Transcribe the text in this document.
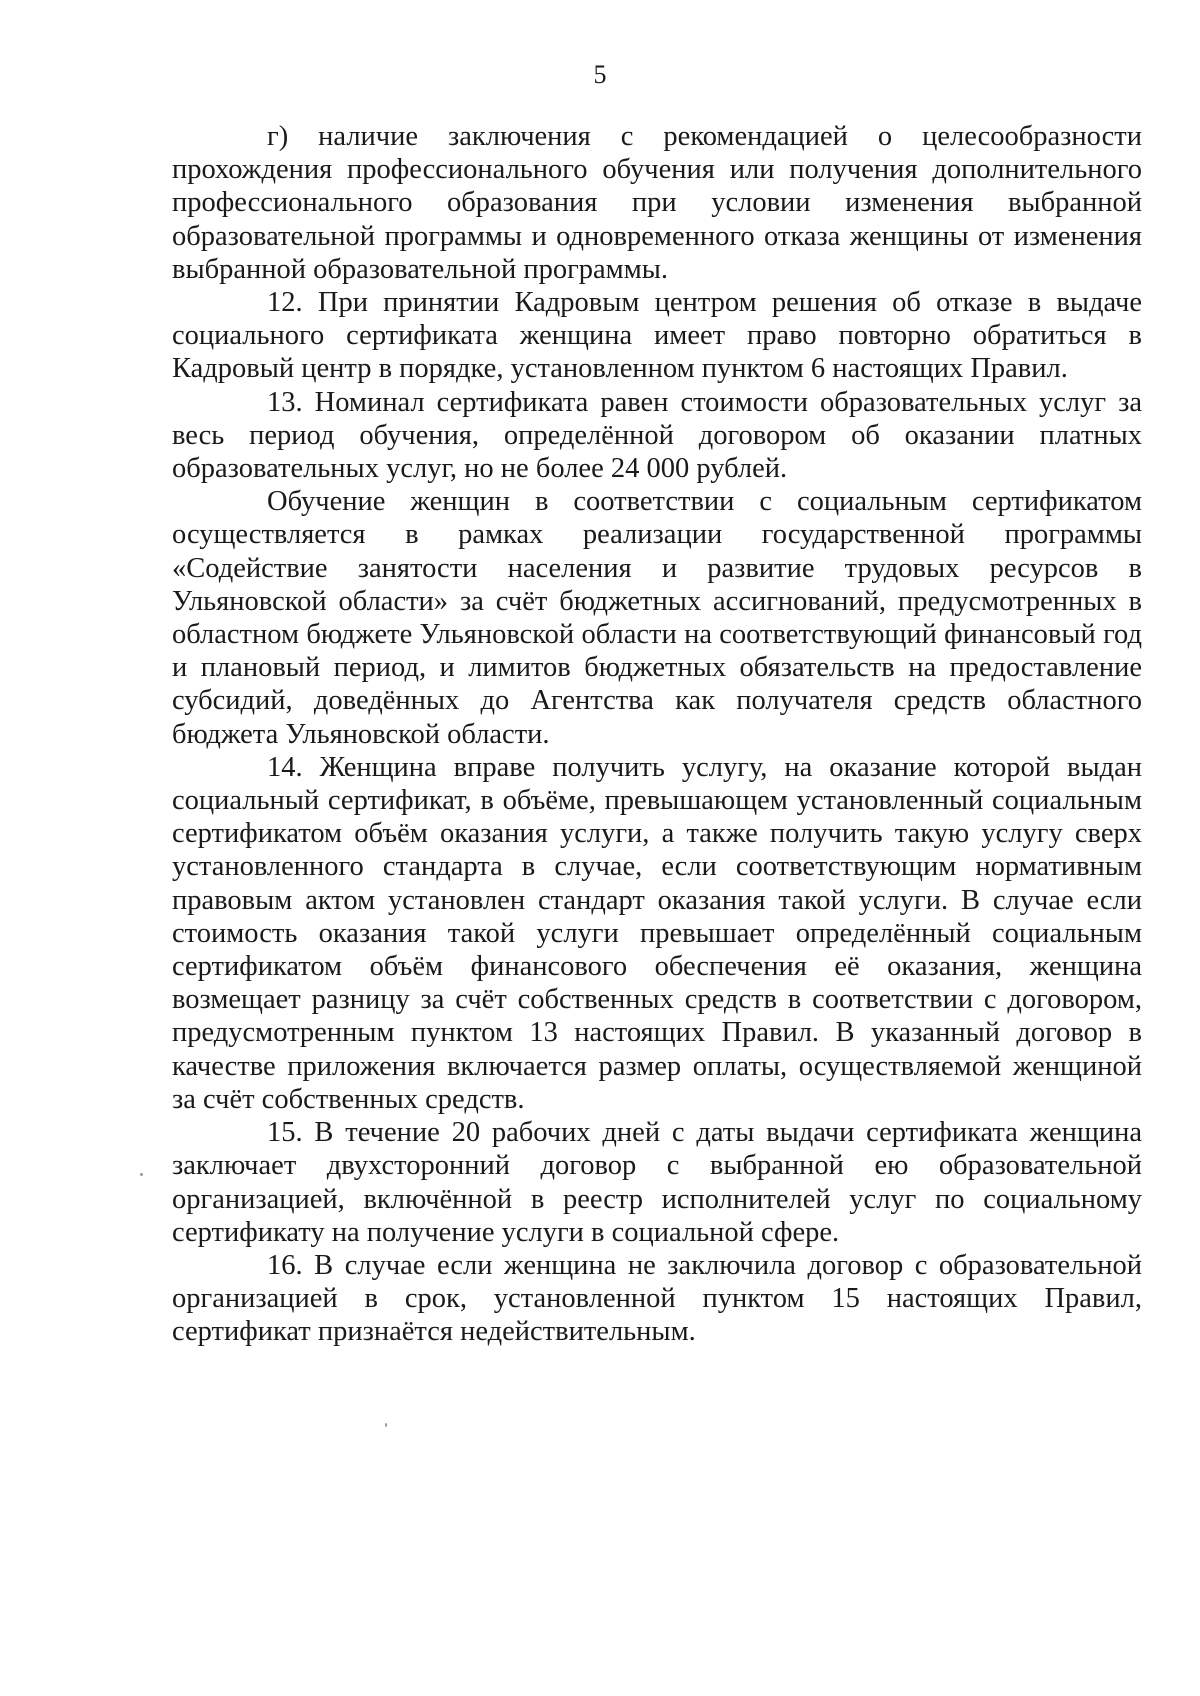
5

г) наличие заключения с рекомендацией о целесообразности прохождения профессионального обучения или получения дополнительного профессионального образования при условии изменения выбранной образовательной программы и одновременного отказа женщины от изменения выбранной образовательной программы.

12. При принятии Кадровым центром решения об отказе в выдаче социального сертификата женщина имеет право повторно обратиться в Кадровый центр в порядке, установленном пунктом 6 настоящих Правил.

13. Номинал сертификата равен стоимости образовательных услуг за весь период обучения, определённой договором об оказании платных образовательных услуг, но не более 24 000 рублей.

Обучение женщин в соответствии с социальным сертификатом осуществляется в рамках реализации государственной программы «Содействие занятости населения и развитие трудовых ресурсов в Ульяновской области» за счёт бюджетных ассигнований, предусмотренных в областном бюджете Ульяновской области на соответствующий финансовый год и плановый период, и лимитов бюджетных обязательств на предоставление субсидий, доведённых до Агентства как получателя средств областного бюджета Ульяновской области.

14. Женщина вправе получить услугу, на оказание которой выдан социальный сертификат, в объёме, превышающем установленный социальным сертификатом объём оказания услуги, а также получить такую услугу сверх установленного стандарта в случае, если соответствующим нормативным правовым актом установлен стандарт оказания такой услуги. В случае если стоимость оказания такой услуги превышает определённый социальным сертификатом объём финансового обеспечения её оказания, женщина возмещает разницу за счёт собственных средств в соответствии с договором, предусмотренным пунктом 13 настоящих Правил. В указанный договор в качестве приложения включается размер оплаты, осуществляемой женщиной за счёт собственных средств.

15. В течение 20 рабочих дней с даты выдачи сертификата женщина заключает двухсторонний договор с выбранной ею образовательной организацией, включённой в реестр исполнителей услуг по социальному сертификату на получение услуги в социальной сфере.

16. В случае если женщина не заключила договор с образовательной организацией в срок, установленной пунктом 15 настоящих Правил, сертификат признаётся недействительным.
